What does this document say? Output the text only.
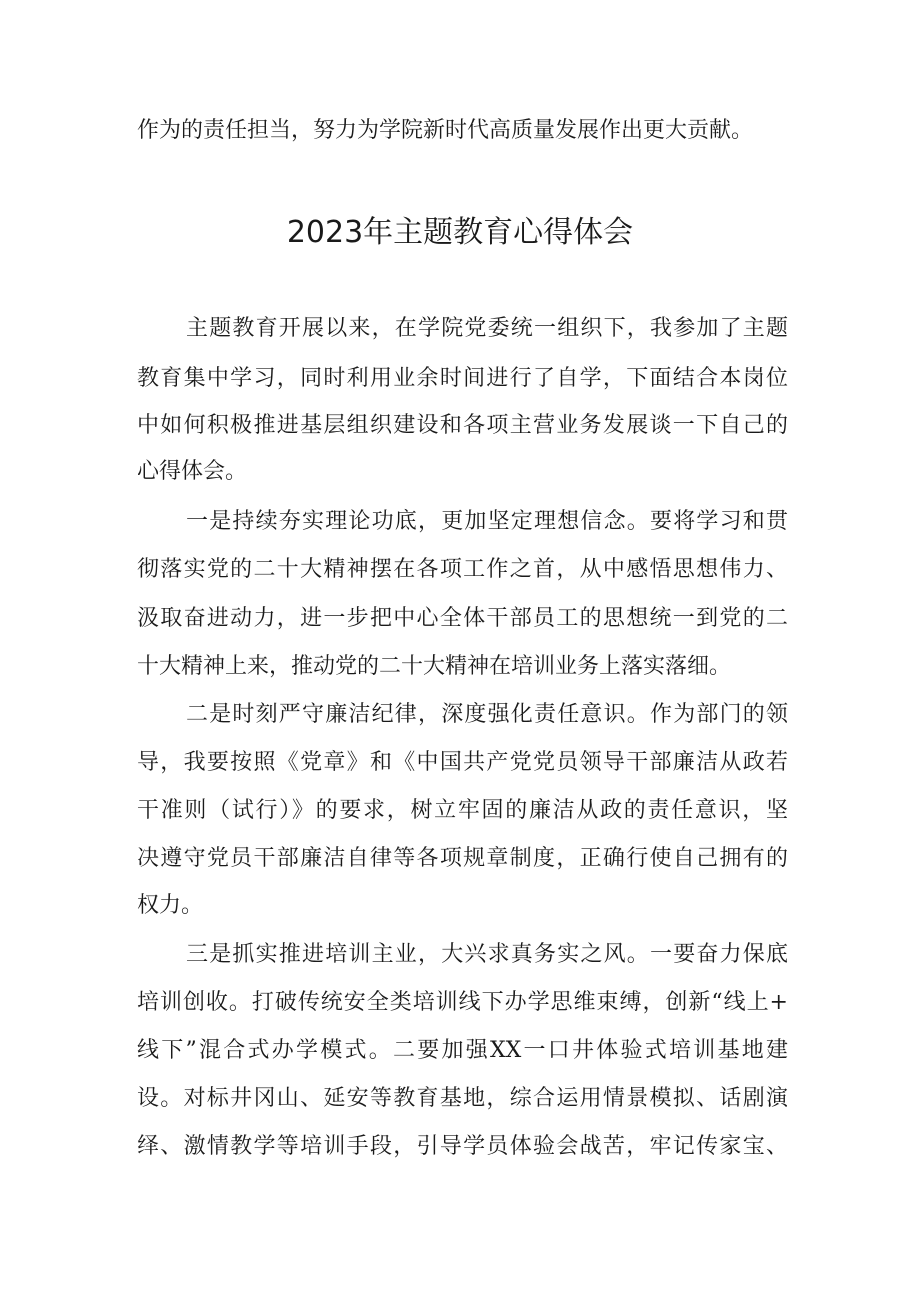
作为的责任担当，努力为学院新时代高质量发展作出更大贡献。
2023年主题教育心得体会
主题教育开展以来，在学院党委统一组织下，我参加了主题
教育集中学习，同时利用业余时间进行了自学，下面结合本岗位
中如何积极推进基层组织建设和各项主营业务发展谈一下自己的
心得体会。
一是持续夯实理论功底，更加坚定理想信念。要将学习和贯
彻落实党的二十大精神摆在各项工作之首，从中感悟思想伟力、
汲取奋进动力，进一步把中心全体干部员工的思想统一到党的二
十大精神上来，推动党的二十大精神在培训业务上落实落细。
二是时刻严守廉洁纪律，深度强化责任意识。作为部门的领
导，我要按照《党章》和《中国共产党党员领导干部廉洁从政若
干准则（试行）》的要求，树立牢固的廉洁从政的责任意识，坚
决遵守党员干部廉洁自律等各项规章制度，正确行使自己拥有的
权力。
三是抓实推进培训主业，大兴求真务实之风。一要奋力保底
培训创收。打破传统安全类培训线下办学思维束缚，创新“线上+
线下”混合式办学模式。二要加强XX一口井体验式培训基地建
设。对标井冈山、延安等教育基地，综合运用情景模拟、话剧演
绎、激情教学等培训手段，引导学员体验会战苦，牢记传家宝、
